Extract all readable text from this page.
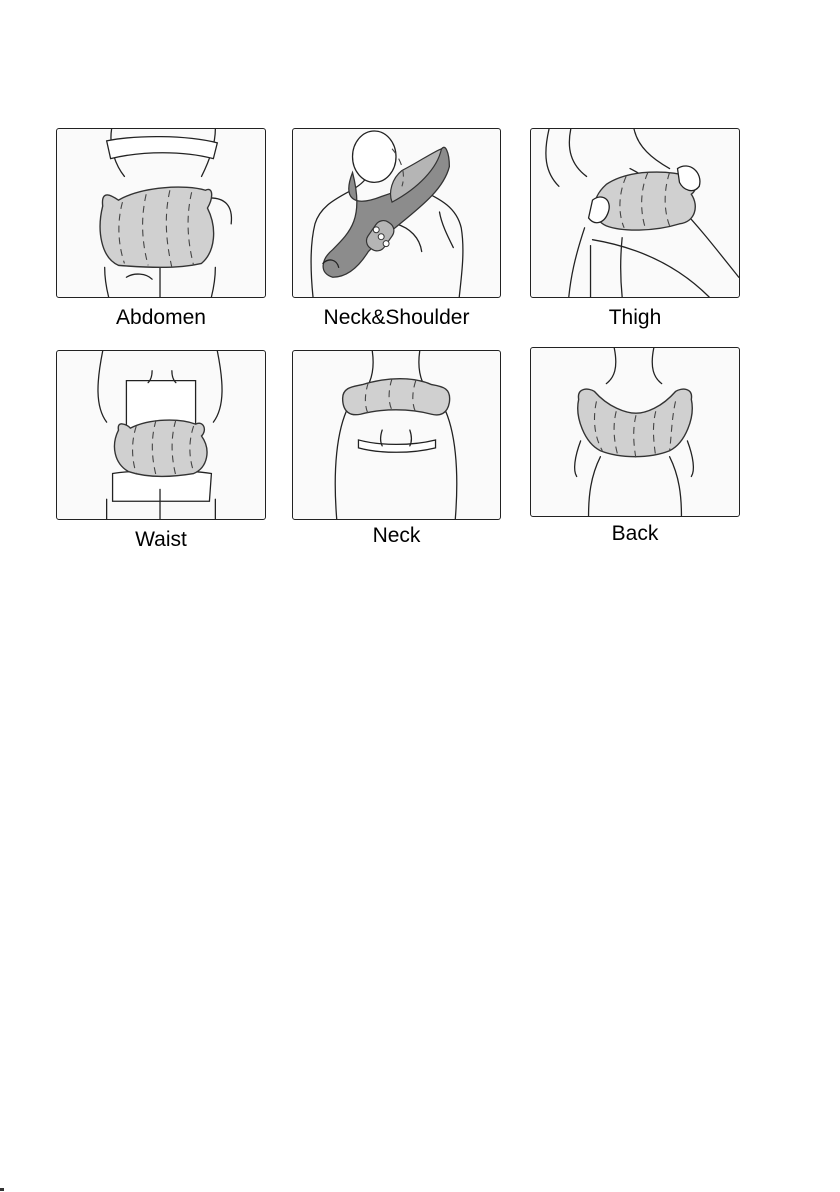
Abdomen	Neck&Shoulder	Thigh
Waist	Neck	Back
